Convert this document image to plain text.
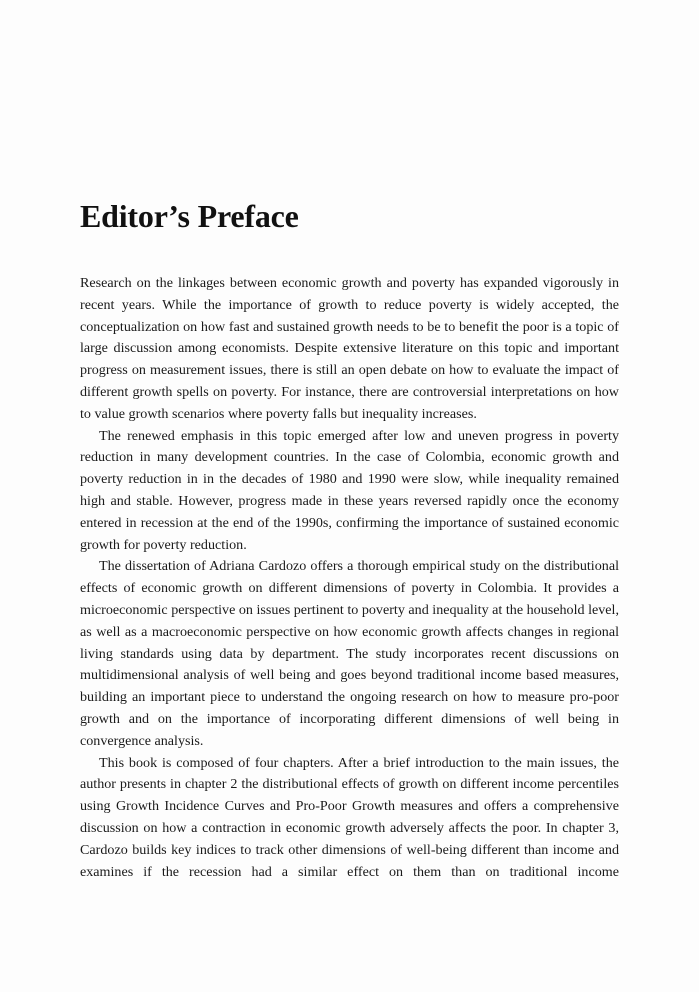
Editor’s Preface

Research on the linkages between economic growth and poverty has expanded vigorously in recent years. While the importance of growth to reduce poverty is widely accepted, the conceptualization on how fast and sustained growth needs to be to benefit the poor is a topic of large discussion among economists. Despite extensive literature on this topic and important progress on measurement issues, there is still an open debate on how to evaluate the impact of different growth spells on poverty. For instance, there are controversial interpretations on how to value growth scenarios where poverty falls but inequality increases.

The renewed emphasis in this topic emerged after low and uneven progress in poverty reduction in many development countries. In the case of Colombia, economic growth and poverty reduction in in the decades of 1980 and 1990 were slow, while inequality remained high and stable. However, progress made in these years reversed rapidly once the economy entered in recession at the end of the 1990s, confirming the importance of sustained economic growth for poverty reduction.

The dissertation of Adriana Cardozo offers a thorough empirical study on the distributional effects of economic growth on different dimensions of poverty in Colombia. It provides a microeconomic perspective on issues pertinent to poverty and inequality at the household level, as well as a macroeconomic perspective on how economic growth affects changes in regional living standards using data by department. The study incorporates recent discussions on multidimensional analysis of well being and goes beyond traditional income based measures, building an important piece to understand the ongoing research on how to measure pro-poor growth and on the importance of incorporating different dimensions of well being in convergence analysis.

This book is composed of four chapters. After a brief introduction to the main issues, the author presents in chapter 2 the distributional effects of growth on different income percentiles using Growth Incidence Curves and Pro-Poor Growth measures and offers a comprehensive discussion on how a contraction in economic growth adversely affects the poor. In chapter 3, Cardozo builds key indices to track other dimensions of well-being different than income and examines if the recession had a similar effect on them than on traditional income
